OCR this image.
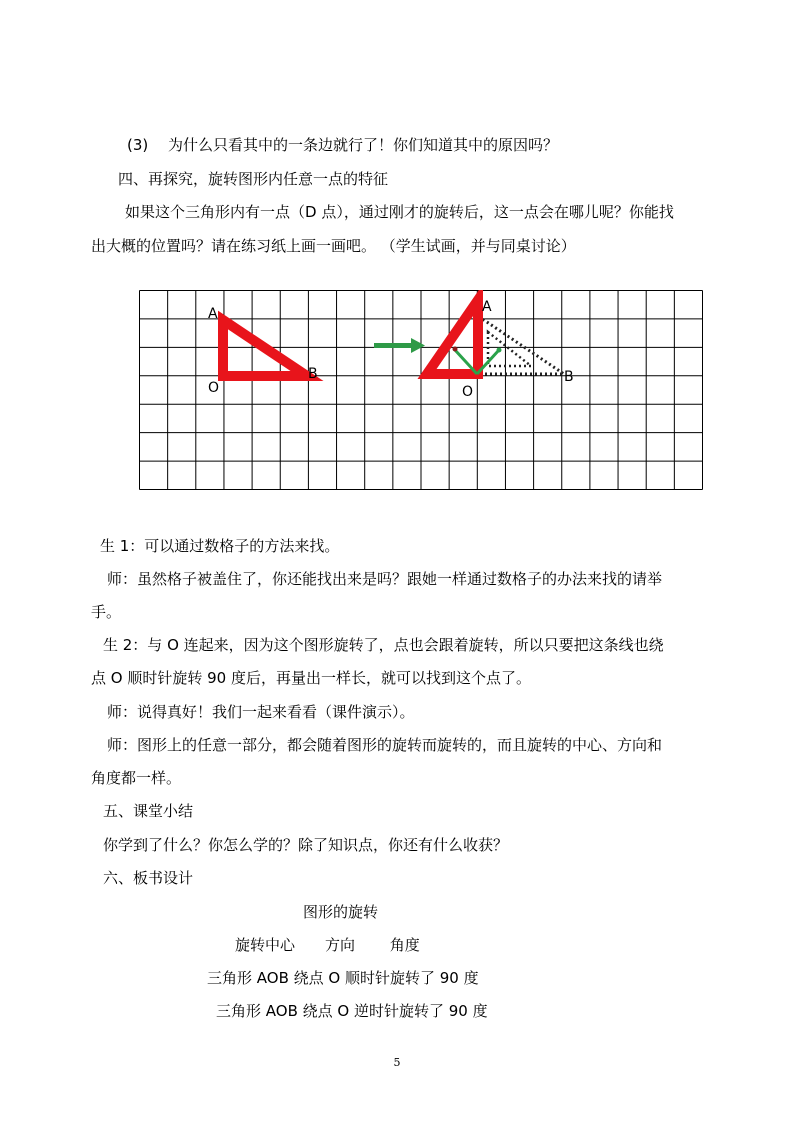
(3)　 为什么只看其中的一条边就行了！你们知道其中的原因吗？
四、再探究，旋转图形内任意一点的特征
如果这个三角形内有一点（D 点），通过刚才的旋转后，这一点会在哪儿呢？你能找
出大概的位置吗？请在练习纸上画一画吧。 （学生试画，并与同桌讨论）
A
B
O
A
B
O
生 1：可以通过数格子的方法来找。
师：虽然格子被盖住了，你还能找出来是吗？跟她一样通过数格子的办法来找的请举
手。
生 2：与 O 连起来，因为这个图形旋转了，点也会跟着旋转，所以只要把这条线也绕
点 O 顺时针旋转 90 度后，再量出一样长，就可以找到这个点了。
师：说得真好！我们一起来看看（课件演示）。
师：图形上的任意一部分，都会随着图形的旋转而旋转的，而且旋转的中心、方向和
角度都一样。
五、课堂小结
你学到了什么？你怎么学的？除了知识点，你还有什么收获？
六、板书设计
图形的旋转
旋转中心　　方向　　 角度
三角形 AOB 绕点 O 顺时针旋转了 90 度
三角形 AOB 绕点 O 逆时针旋转了 90 度
5
